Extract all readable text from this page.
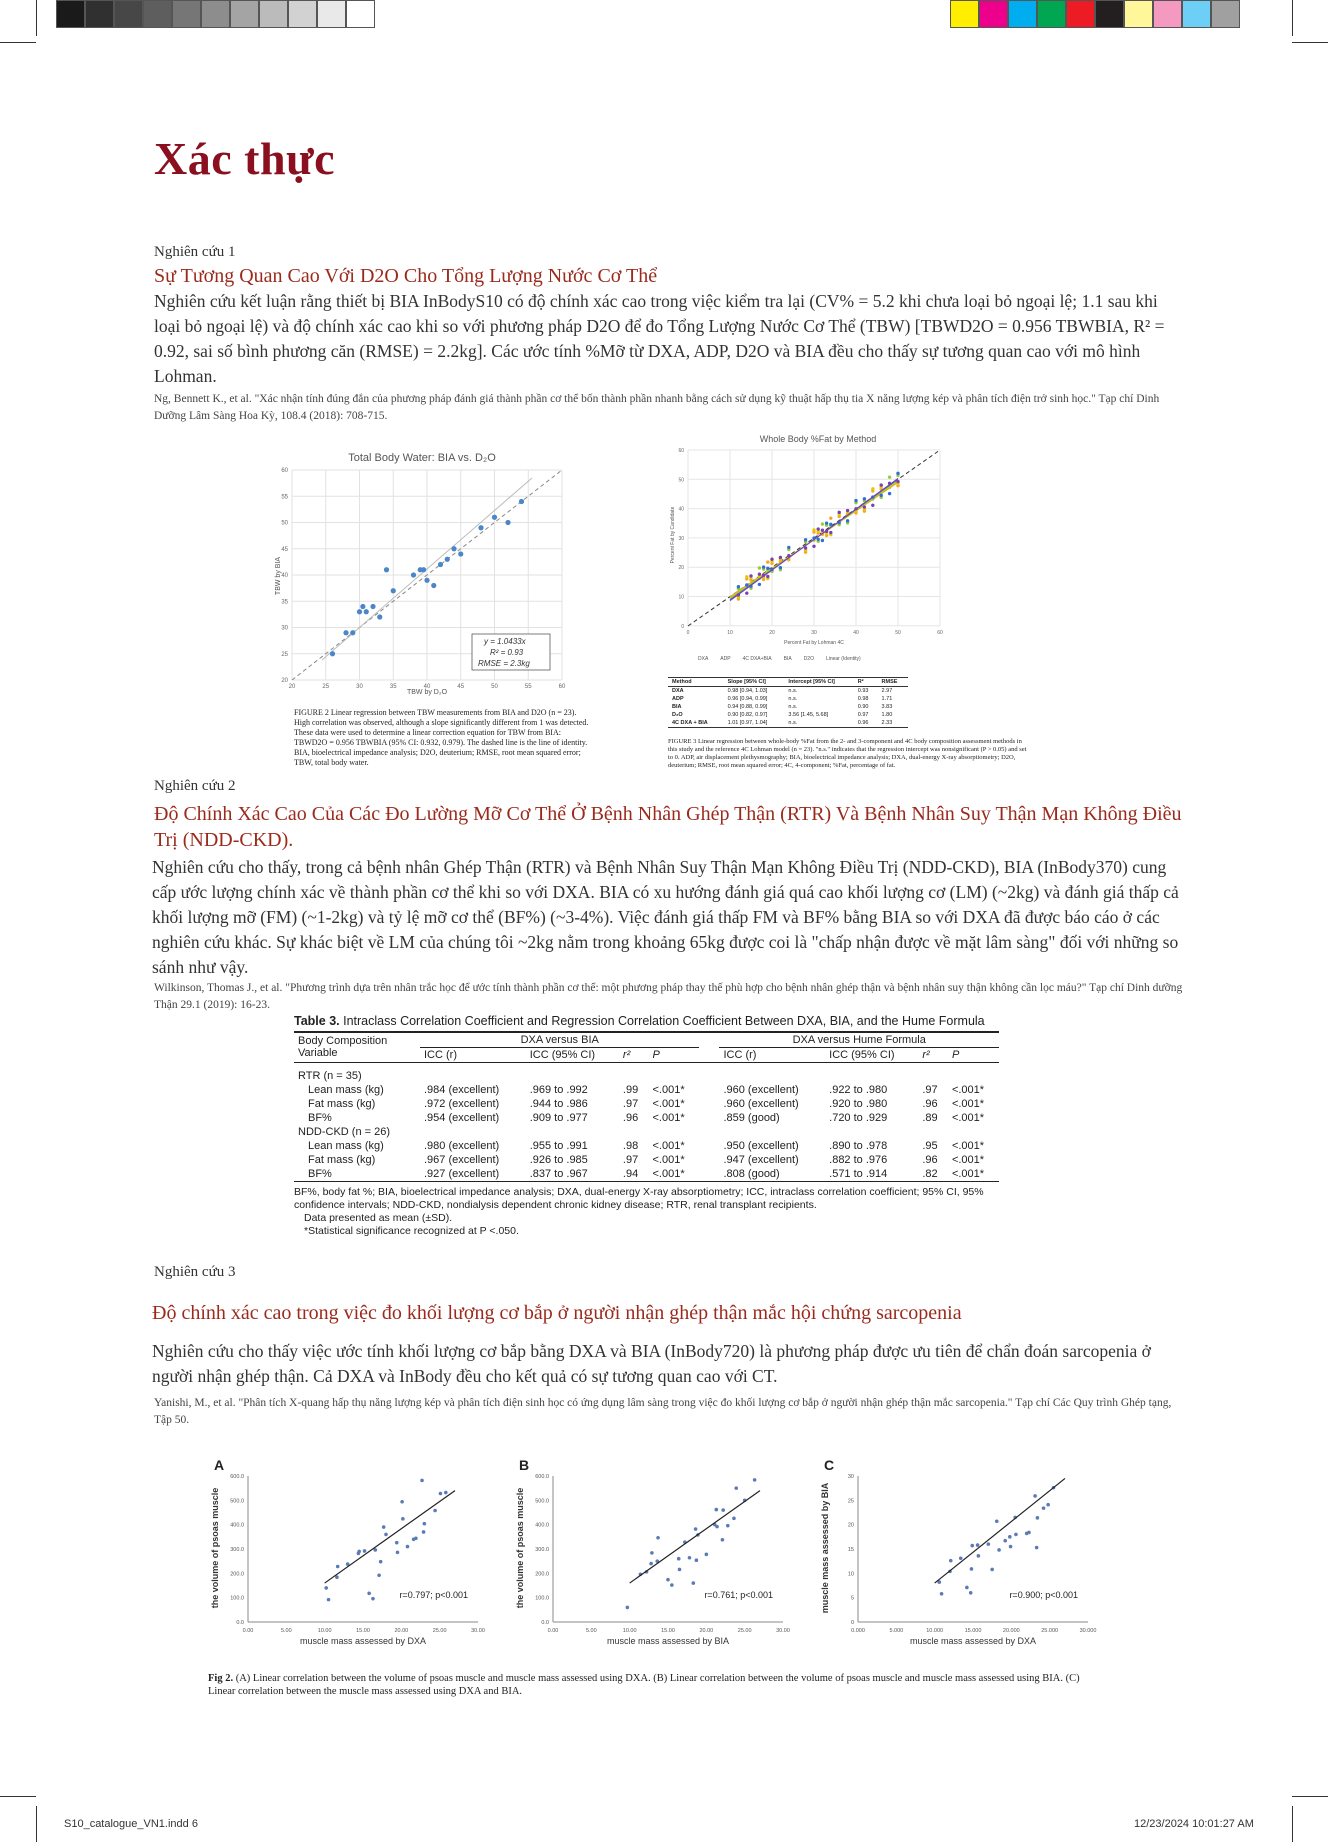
Xác thực
Nghiên cứu 1
Sự Tương Quan Cao Với D2O Cho Tổng Lượng Nước Cơ Thể
Nghiên cứu kết luận rằng thiết bị BIA InBodyS10 có độ chính xác cao trong việc kiểm tra lại (CV% = 5.2 khi chưa loại bỏ ngoại lệ; 1.1 sau khi loại bỏ ngoại lệ) và độ chính xác cao khi so với phương pháp D2O để đo Tổng Lượng Nước Cơ Thể (TBW) [TBWD2O = 0.956 TBWBIA, R² = 0.92, sai số bình phương căn (RMSE) = 2.2kg]. Các ước tính %Mỡ từ DXA, ADP, D2O và BIA đều cho thấy sự tương quan cao với mô hình Lohman.
Ng, Bennett K., et al. "Xác nhận tính đúng đắn của phương pháp đánh giá thành phần cơ thể bốn thành phần nhanh bằng cách sử dụng kỹ thuật hấp thụ tia X năng lượng kép và phân tích điện trở sinh học." Tạp chí Dinh Dưỡng Lâm Sàng Hoa Kỳ, 108.4 (2018): 708-715.
Total Body Water: BIA vs. D₂O
60
55
50
45
40
35
30
25
20
20	25	30	35	40	45	50	55	60
y = 1.0433x
R² = 0.93
RMSE = 2.3kg
TBW by BIA
TBW by D₂O
FIGURE 2 Linear regression between TBW measurements from BIA and D2O (n = 23). High correlation was observed, although a slope significantly different from 1 was detected. These data were used to determine a linear correction equation for TBW from BIA: TBWD2O = 0.956 TBWBIA (95% CI: 0.932, 0.979). The dashed line is the line of identity. BIA, bioelectrical impedance analysis; D2O, deuterium; RMSE, root mean squared error; TBW, total body water.
Whole Body %Fat by Method
60
50
40
30
20
10
0
0	10	20	30	40	50	60
Percent Fat by Candidate
Percent Fat by Lohman 4C
DXA ADP 4C DXA+BIA BIA D2O Linear (Identity)
Method	Slope [95% CI]	Intercept [95% CI]	R²	RMSE
DXA	0.98 [0.94, 1.03]	n.s.	0.93	2.97
ADP	0.96 [0.94, 0.99]	n.s.	0.98	1.71
BIA	0.94 [0.88, 0.99]	n.s.	0.90	3.83
D₂O	0.90 [0.82, 0.97]	3.56 [1.45, 5.68]	0.97	1.80
4C DXA + BIA	1.01 [0.97, 1.04]	n.s.	0.96	2.33
FIGURE 3 Linear regression between whole-body %Fat from the 2- and 3-component and 4C body composition assessment methods in this study and the reference 4C Lohman model (n = 23). "n.s." indicates that the regression intercept was nonsignificant (P > 0.05) and set to 0. ADP, air displacement plethysmography; BIA, bioelectrical impedance analysis; DXA, dual-energy X-ray absorptiometry; D2O, deuterium; RMSE, root mean squared error; 4C, 4-component; %Fat, percentage of fat.
Nghiên cứu 2
Độ Chính Xác Cao Của Các Đo Lường Mỡ Cơ Thể Ở Bệnh Nhân Ghép Thận (RTR) Và Bệnh Nhân Suy Thận Mạn Không Điều Trị (NDD-CKD).
Nghiên cứu cho thấy, trong cả bệnh nhân Ghép Thận (RTR) và Bệnh Nhân Suy Thận Mạn Không Điều Trị (NDD-CKD), BIA (InBody370) cung cấp ước lượng chính xác về thành phần cơ thể khi so với DXA. BIA có xu hướng đánh giá quá cao khối lượng cơ (LM) (~2kg) và đánh giá thấp cả khối lượng mỡ (FM) (~1-2kg) và tỷ lệ mỡ cơ thể (BF%) (~3-4%). Việc đánh giá thấp FM và BF% bằng BIA so với DXA đã được báo cáo ở các nghiên cứu khác. Sự khác biệt về LM của chúng tôi ~2kg nằm trong khoảng 65kg được coi là "chấp nhận được về mặt lâm sàng" đối với những so sánh như vậy.
Wilkinson, Thomas J., et al. "Phương trình dựa trên nhân trắc học để ước tính thành phần cơ thể: một phương pháp thay thế phù hợp cho bệnh nhân ghép thận và bệnh nhân suy thận không cần lọc máu?" Tạp chí Dinh dưỡng Thận 29.1 (2019): 16-23.
Table 3. Intraclass Correlation Coefficient and Regression Correlation Coefficient Between DXA, BIA, and the Hume Formula
Body Composition Variable	DXA versus BIA					DXA versus Hume Formula			
	ICC (r)	ICC (95% CI)	r²	P		ICC (r)	ICC (95% CI)	r²	P

RTR (n = 35)									
Lean mass (kg)	.984 (excellent)	.969 to .992	.99	<.001*		.960 (excellent)	.922 to .980	.97	<.001*
Fat mass (kg)	.972 (excellent)	.944 to .986	.97	<.001*		.960 (excellent)	.920 to .980	.96	<.001*
BF%	.954 (excellent)	.909 to .977	.96	<.001*		.859 (good)	.720 to .929	.89	<.001*
NDD-CKD (n = 26)									
Lean mass (kg)	.980 (excellent)	.955 to .991	.98	<.001*		.950 (excellent)	.890 to .978	.95	<.001*
Fat mass (kg)	.967 (excellent)	.926 to .985	.97	<.001*		.947 (excellent)	.882 to .976	.96	<.001*
BF%	.927 (excellent)	.837 to .967	.94	<.001*		.808 (good)	.571 to .914	.82	<.001*
BF%, body fat %; BIA, bioelectrical impedance analysis; DXA, dual-energy X-ray absorptiometry; ICC, intraclass correlation coefficient; 95% CI, 95% confidence intervals; NDD-CKD, nondialysis dependent chronic kidney disease; RTR, renal transplant recipients.
Data presented as mean (±SD).
*Statistical significance recognized at P <.050.
Nghiên cứu 3
Độ chính xác cao trong việc đo khối lượng cơ bắp ở người nhận ghép thận mắc hội chứng sarcopenia
Nghiên cứu cho thấy việc ước tính khối lượng cơ bắp bằng DXA và BIA (InBody720) là phương pháp được ưu tiên để chẩn đoán sarcopenia ở người nhận ghép thận. Cả DXA và InBody đều cho kết quả có sự tương quan cao với CT.
Yanishi, M., et al. "Phân tích X-quang hấp thụ năng lượng kép và phân tích điện sinh học có ứng dụng lâm sàng trong việc đo khối lượng cơ bắp ở người nhận ghép thận mắc sarcopenia." Tạp chí Các Quy trình Ghép tạng, Tập 50.
A
600.0
500.0
400.0
300.0
200.0
100.0
0.0
0.00	5.00	10.00	15.00	20.00	25.00	30.00
r=0.797; p<0.001
the volume of psoas muscle
muscle mass assessed by DXA
B
600.0
500.0
400.0
300.0
200.0
100.0
0.0
0.00	5.00	10.00	15.00	20.00	25.00	30.00
r=0.761; p<0.001
the volume of psoas muscle
muscle mass assessed by BIA
C
30
25
20
15
10
5
0
0.000	5.000	10.000	15.000	20.000	25.000	30.000
r=0.900; p<0.001
muscle mass assessed by BIA
muscle mass assessed by DXA
Fig 2. (A) Linear correlation between the volume of psoas muscle and muscle mass assessed using DXA. (B) Linear correlation between the volume of psoas muscle and muscle mass assessed using BIA. (C) Linear correlation between the muscle mass assessed using DXA and BIA.
S10_catalogue_VN1.indd 6	12/23/2024 10:01:27 AM
